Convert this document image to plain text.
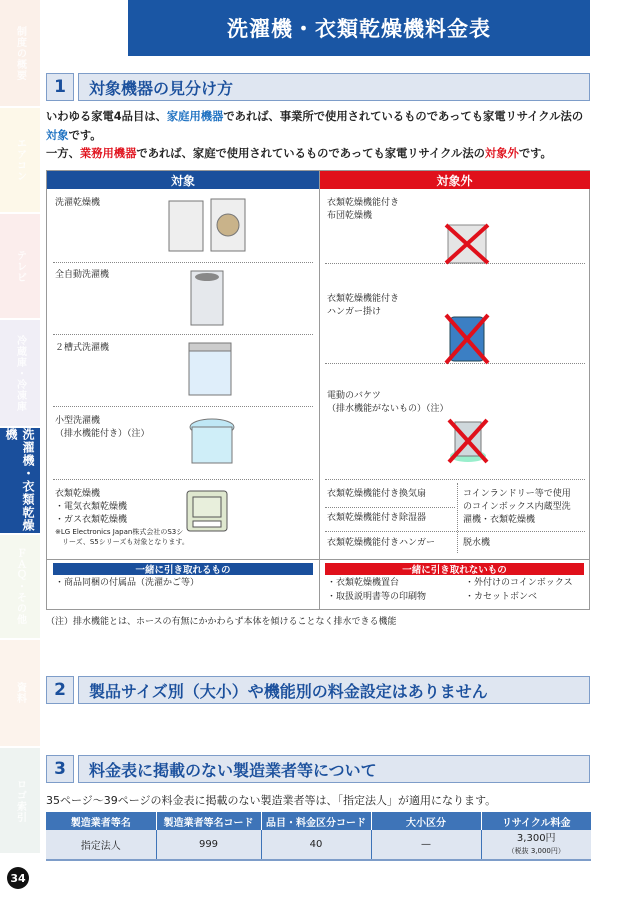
制度の概要
エアコン
テレビ
冷蔵庫・冷凍庫
洗濯機・衣類乾燥機
ＦＡＱ・その他
資料
ロゴ索引
洗濯機・衣類乾燥機料金表
1	対象機器の見分け方
いわゆる家電4品目は、家庭用機器であれば、事業所で使用されているものであっても家電リサイクル法の対象です。
一方、業務用機器であれば、家庭で使用されているものであっても家電リサイクル法の対象外です。
対象	対象外
洗濯乾燥機
全自動洗濯機
２槽式洗濯機
小型洗濯機
（排水機能付き）（注）
衣類乾燥機
・電気衣類乾燥機
・ガス衣類乾燥機
※LG Electronics Japan株式会社のS3シ
　リーズ、S5シリーズも対象となります。
衣類乾燥機能付き
布団乾燥機
衣類乾燥機能付き
ハンガー掛け
電動のバケツ
（排水機能がないもの）（注）
衣類乾燥機能付き換気扇
衣類乾燥機能付き除湿器
衣類乾燥機能付きハンガー
コインランドリー等で使用
のコインボックス内蔵型洗
濯機・衣類乾燥機
脱水機
一緒に引き取れるもの
・商品同梱の付属品（洗濯かご等）
一緒に引き取れないもの
・衣類乾燥機置台	・外付けのコインボックス
・取扱説明書等の印刷物	・カセットボンベ
（注）排水機能とは、ホースの有無にかかわらず本体を傾けることなく排水できる機能
2	製品サイズ別（大小）や機能別の料金設定はありません
3	料金表に掲載のない製造業者等について
35ページ～39ページの料金表に掲載のない製造業者等は、「指定法人」が適用になります。
製造業者等名	製造業者等名コード	品目・料金区分コード	大小区分	リサイクル料金
指定法人	999	40	—	3,300円
（税抜 3,000円）
34
